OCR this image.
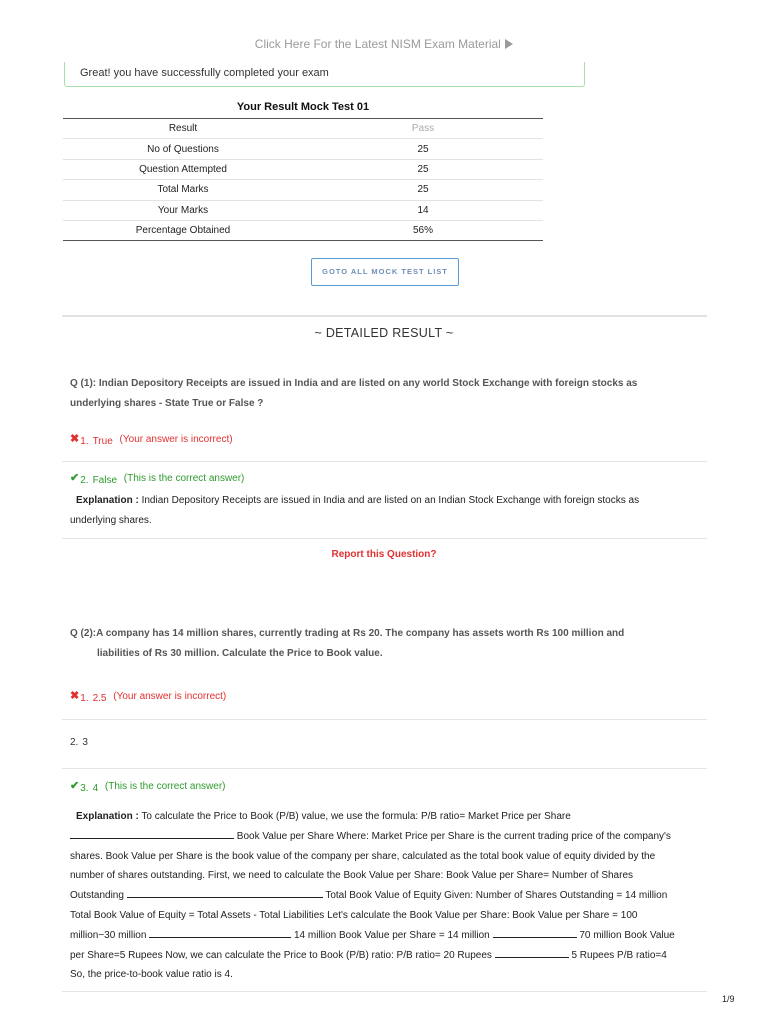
Click Here For the Latest NISM Exam Material
Great! you have successfully completed your exam
Your Result Mock Test 01
Result	Pass
No of Questions	25
Question Attempted	25
Total Marks	25
Your Marks	14
Percentage Obtained	56%
GOTO ALL MOCK TEST LIST
~ DETAILED RESULT ~
Q (1): Indian Depository Receipts are issued in India and are listed on any world Stock Exchange with foreign stocks as
underlying shares - State True or False ?
✖1. True (Your answer is incorrect)
✔2. False (This is the correct answer)
Explanation : Indian Depository Receipts are issued in India and are listed on an Indian Stock Exchange with foreign stocks as
underlying shares.
Report this Question?
Q (2):A company has 14 million shares, currently trading at Rs 20. The company has assets worth Rs 100 million and
liabilities of Rs 30 million. Calculate the Price to Book value.
✖1. 2.5 (Your answer is incorrect)
2. 3
✔3. 4 (This is the correct answer)
Explanation : To calculate the Price to Book (P/B) value, we use the formula: P/B ratio= Market Price per Share
Book Value per Share Where: Market Price per Share is the current trading price of the company's
shares. Book Value per Share is the book value of the company per share, calculated as the total book value of equity divided by the
number of shares outstanding. First, we need to calculate the Book Value per Share: Book Value per Share= Number of Shares
Outstanding	Total Book Value of Equity Given: Number of Shares Outstanding = 14 million
Total Book Value of Equity = Total Assets - Total Liabilities Let's calculate the Book Value per Share: Book Value per Share = 100
million−30 million	14 million Book Value per Share = 14 million	70 million Book Value
per Share=5 Rupees Now, we can calculate the Price to Book (P/B) ratio: P/B ratio= 20 Rupees	5 Rupees P/B ratio=4
So, the price-to-book value ratio is 4.
1/9
